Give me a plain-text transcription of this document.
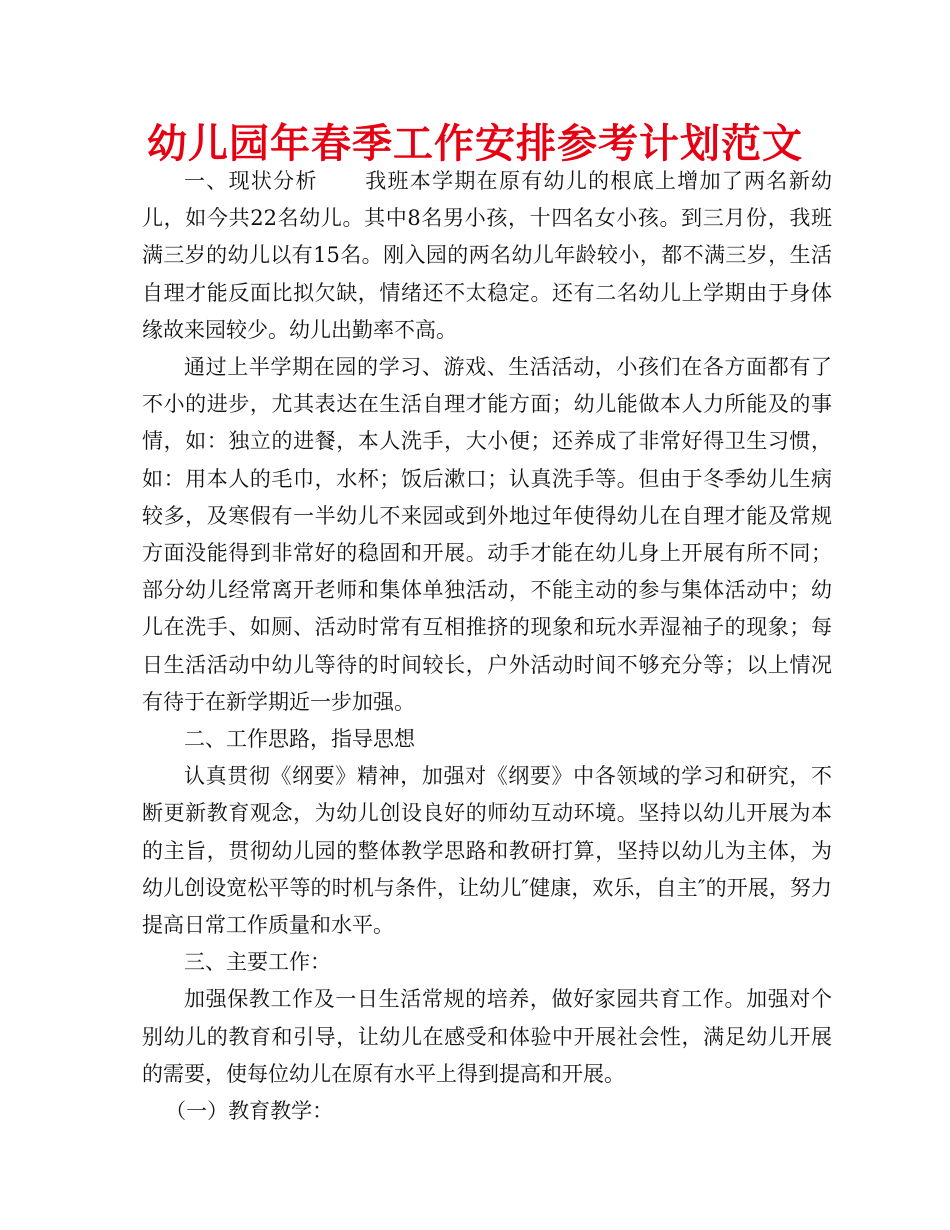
幼儿园年春季工作安排参考计划范文

一、现状分析 我班本学期在原有幼儿的根底上增加了两名新幼儿，如今共22名幼儿。其中8名男小孩，十四名女小孩。到三月份，我班满三岁的幼儿以有15名。刚入园的两名幼儿年龄较小，都不满三岁，生活自理才能反面比拟欠缺，情绪还不太稳定。还有二名幼儿上学期由于身体缘故来园较少。幼儿出勤率不高。

通过上半学期在园的学习、游戏、生活活动，小孩们在各方面都有了不小的进步，尤其表达在生活自理才能方面；幼儿能做本人力所能及的事情，如：独立的进餐，本人洗手，大小便；还养成了非常好得卫生习惯，如：用本人的毛巾，水杯；饭后漱口；认真洗手等。但由于冬季幼儿生病较多，及寒假有一半幼儿不来园或到外地过年使得幼儿在自理才能及常规方面没能得到非常好的稳固和开展。动手才能在幼儿身上开展有所不同；部分幼儿经常离开老师和集体单独活动，不能主动的参与集体活动中；幼儿在洗手、如厕、活动时常有互相推挤的现象和玩水弄湿袖子的现象；每日生活活动中幼儿等待的时间较长，户外活动时间不够充分等；以上情况有待于在新学期近一步加强。

二、工作思路，指导思想

认真贯彻《纲要》精神，加强对《纲要》中各领域的学习和研究，不断更新教育观念，为幼儿创设良好的师幼互动环境。坚持以幼儿开展为本的主旨，贯彻幼儿园的整体教学思路和教研打算，坚持以幼儿为主体，为幼儿创设宽松平等的时机与条件，让幼儿″健康，欢乐，自主″的开展，努力提高日常工作质量和水平。

三、主要工作：

加强保教工作及一日生活常规的培养，做好家园共育工作。加强对个别幼儿的教育和引导，让幼儿在感受和体验中开展社会性，满足幼儿开展的需要，使每位幼儿在原有水平上得到提高和开展。

（一）教育教学：
